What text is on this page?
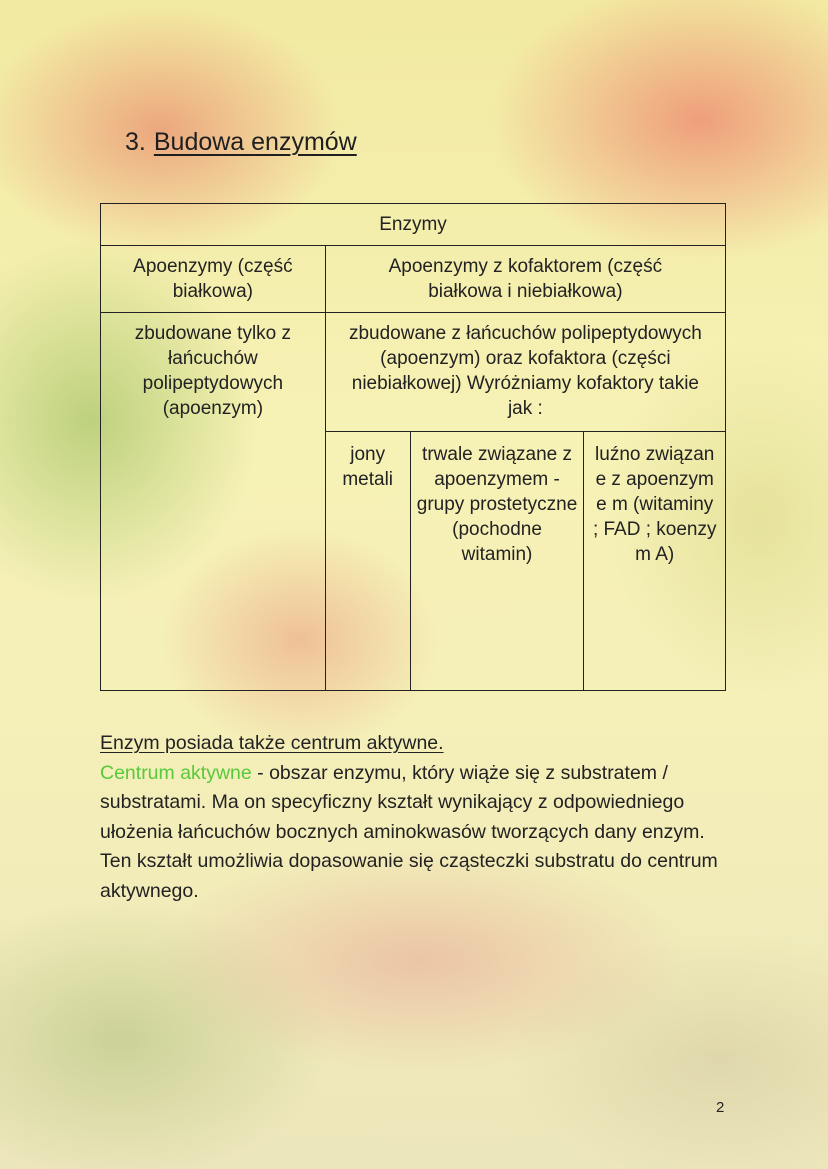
3. Budowa enzymów
Enzymy			

Apoenzymy (część białkowa)	Apoenzymy z kofaktorem (część białkowa i niebiałkowa)		

zbudowane tylko z łańcuchów polipeptydowych (apoenzym)	zbudowane z łańcuchów polipeptydowych (apoenzym) oraz kofaktora (części niebiałkowej) Wyróżniamy kofaktory takie jak :		

	jony metali	trwale związane z apoenzymem - grupy prostetyczne (pochodne witamin)	luźno związane z apoenzyme m (witaminy ; FAD ; koenzym A)
Enzym posiada także centrum aktywne.
Centrum aktywne - obszar enzymu, który wiąże się z substratem / substratami. Ma on specyficzny kształt wynikający z odpowiedniego ułożenia łańcuchów bocznych aminokwasów tworzących dany enzym. Ten kształt umożliwia dopasowanie się cząsteczki substratu do centrum aktywnego.
2
